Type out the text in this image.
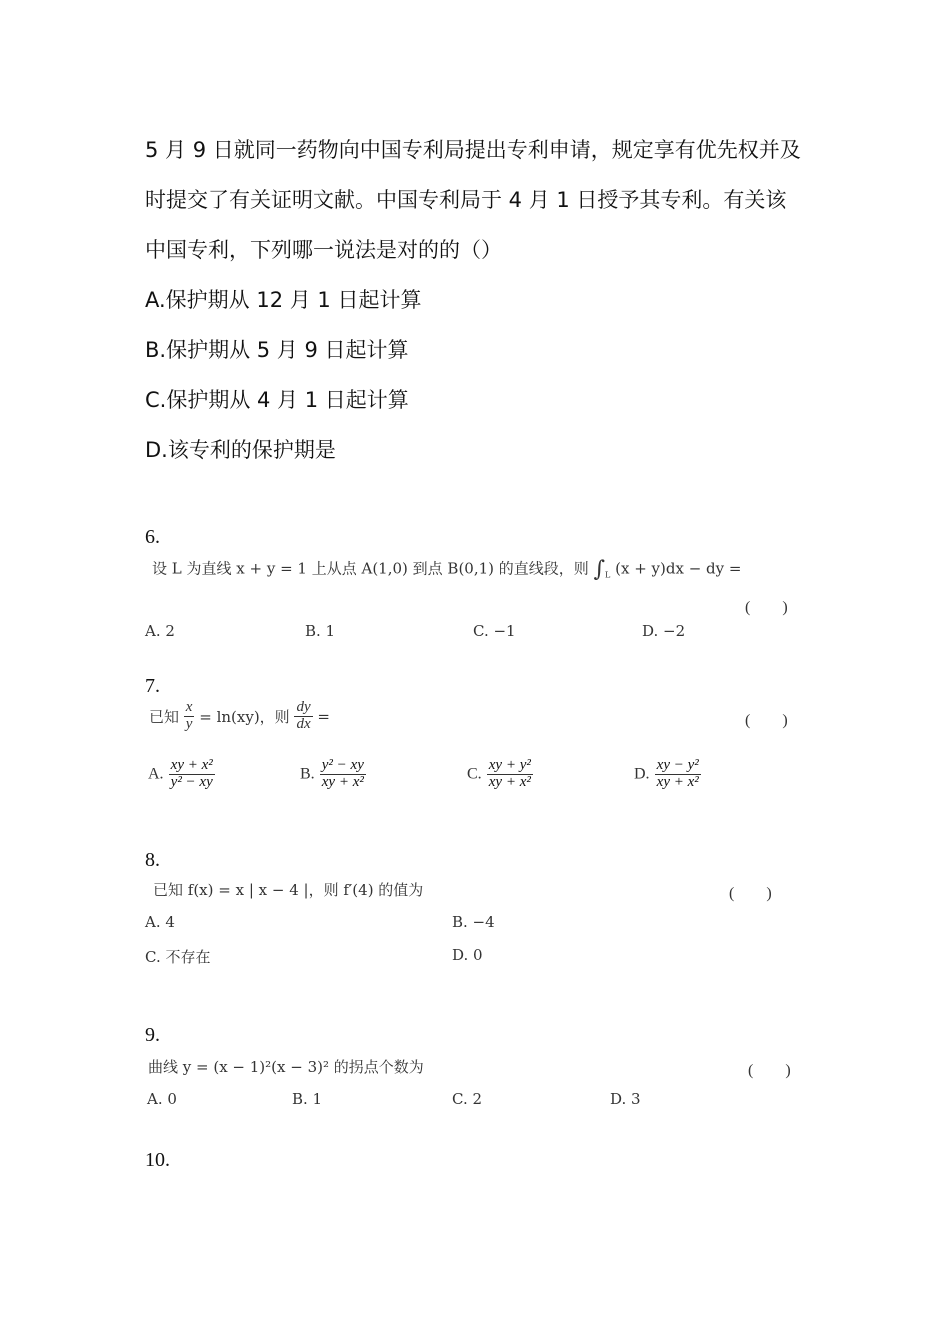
5 月 9 日就同一药物向中国专利局提出专利申请，规定享有优先权并及
时提交了有关证明文献。中国专利局于 4 月 1 日授予其专利。有关该
中国专利，下列哪一说法是对的的（）
A.保护期从 12 月 1 日起计算
B.保护期从 5 月 9 日起计算
C.保护期从 4 月 1 日起计算
D.该专利的保护期是
6.
设 L 为直线 x + y = 1 上从点 A(1,0) 到点 B(0,1) 的直线段，则 $\int_L$ (x + y)dx − dy =
(　　)
A. 2	B. 1	C. −1	D. −2
7.
已知 $\frac{x}{y} = \ln(xy)$，则 $\frac{dy}{dx}$ =	(　　)
A. $\frac{\text{xy + x²}}{\text{y² − xy}}$	B. $\frac{\text{y² − xy}}{\text{xy + x²}}$	C. $\frac{\text{xy + y²}}{\text{xy + x²}}$	D. $\frac{\text{xy − y²}}{\text{xy + x²}}$
8.
已知 f(x) = x | x − 4 |，则 f′(4) 的值为	(　　)
A. 4	B. −4
C. 不存在	D. 0
9.
曲线 y = (x − 1)²(x − 3)² 的拐点个数为	(　　)
A. 0	B. 1	C. 2	D. 3
10.
